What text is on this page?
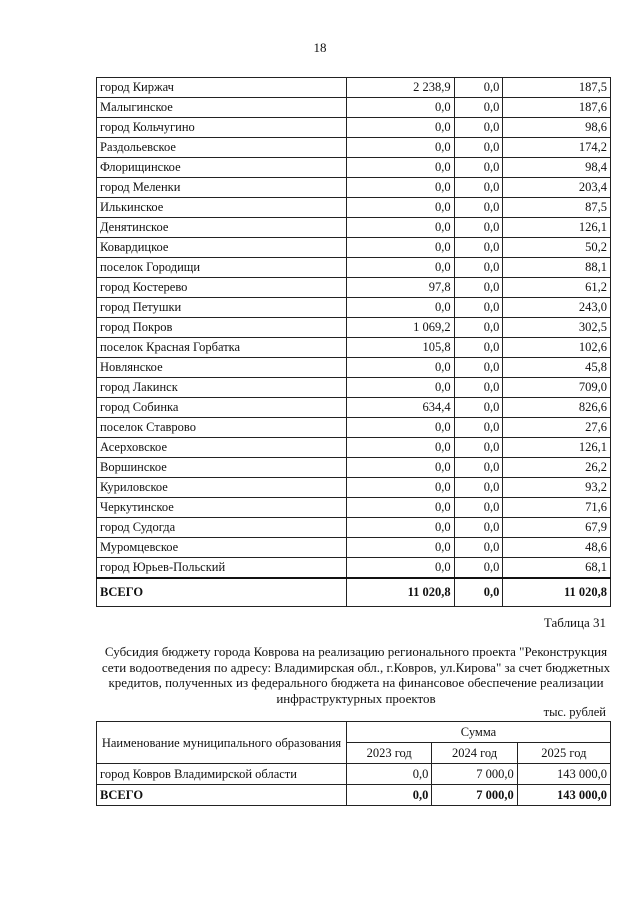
18
город Киржач	2 238,9	0,0	187,5
Малыгинское	0,0	0,0	187,6
город Кольчугино	0,0	0,0	98,6
Раздольевское	0,0	0,0	174,2
Флорищинское	0,0	0,0	98,4
город Меленки	0,0	0,0	203,4
Илькинское	0,0	0,0	87,5
Денятинское	0,0	0,0	126,1
Ковардицкое	0,0	0,0	50,2
поселок Городищи	0,0	0,0	88,1
город Костерево	97,8	0,0	61,2
город Петушки	0,0	0,0	243,0
город Покров	1 069,2	0,0	302,5
поселок Красная Горбатка	105,8	0,0	102,6
Новлянское	0,0	0,0	45,8
город Лакинск	0,0	0,0	709,0
город Собинка	634,4	0,0	826,6
поселок Ставрово	0,0	0,0	27,6
Асерховское	0,0	0,0	126,1
Воршинское	0,0	0,0	26,2
Куриловское	0,0	0,0	93,2
Черкутинское	0,0	0,0	71,6
город Судогда	0,0	0,0	67,9
Муромцевское	0,0	0,0	48,6
город Юрьев-Польский	0,0	0,0	68,1
ВСЕГО	11 020,8	0,0	11 020,8
Таблица 31
Субсидия бюджету города Коврова на реализацию регионального проекта "Реконструкция сети водоотведения по адресу: Владимирская обл., г.Ковров, ул.Кирова" за счет бюджетных кредитов, полученных из федерального бюджета на финансовое обеспечение реализации инфраструктурных проектов
тыс. рублей
Наименование муниципального образования	Сумма		
	2023 год	2024 год	2025 год
город Ковров Владимирской области	0,0	7 000,0	143 000,0
ВСЕГО	0,0	7 000,0	143 000,0
